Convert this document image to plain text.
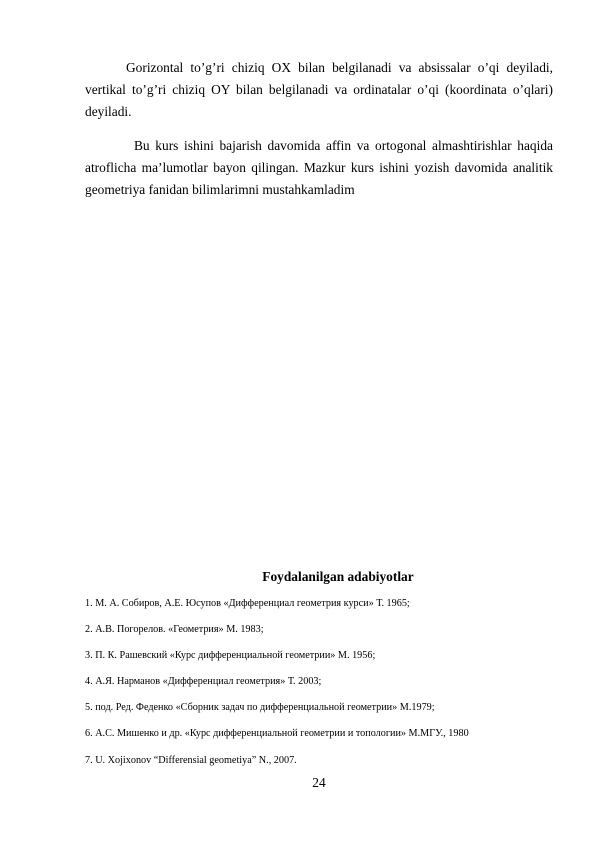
Gorizontal to’g’ri chiziq OX bilan belgilanadi va absissalar o’qi deyiladi, vertikal to’g’ri chiziq OY bilan belgilanadi va ordinatalar o’qi (koordinata o’qlari) deyiladi.

Bu kurs ishini bajarish davomida affin va ortogonal almashtirishlar haqida atroflicha ma’lumotlar bayon qilingan. Mazkur kurs ishini yozish davomida analitik geometriya fanidan bilimlarimni mustahkamladim

Foydalanilgan adabiyotlar
1. М. А. Собиров, А.Е. Юсупов «Дифференциал геометрия курси» Т. 1965;
2. А.В. Погорелов. «Геометрия» М. 1983;
3. П. К. Рашевский «Курс дифференциальной геометрии» М. 1956;
4. А.Я. Нарманов «Дифференциал геометрия» Т. 2003;
5. под. Ред. Феденко «Сборник задач по дифференциальной геометрии» М.1979;
6. А.С. Мишенко и др. «Курс дифференциальной геометрии и топологии» М.МГУ., 1980
7. U. Xojixonov “Differensial geometiya” N., 2007.
24
